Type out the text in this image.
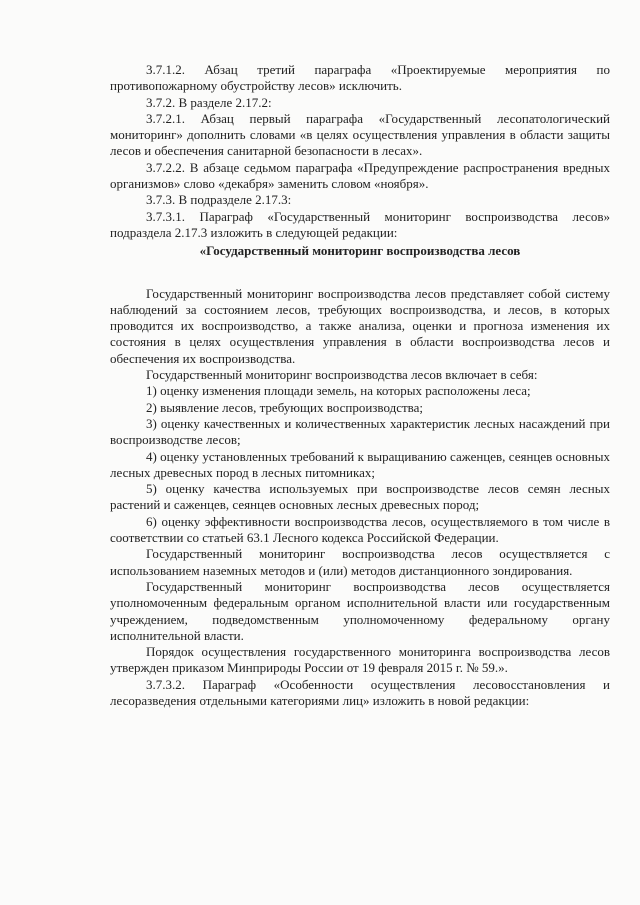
3.7.1.2. Абзац третий параграфа «Проектируемые мероприятия по противопожарному обустройству лесов» исключить.

3.7.2. В разделе 2.17.2:

3.7.2.1. Абзац первый параграфа «Государственный лесопатологический мониторинг» дополнить словами «в целях осуществления управления в области защиты лесов и обеспечения санитарной безопасности в лесах».

3.7.2.2. В абзаце седьмом параграфа «Предупреждение распространения вредных организмов» слово «декабря» заменить словом «ноября».

3.7.3. В подразделе 2.17.3:

3.7.3.1. Параграф «Государственный мониторинг воспроизводства лесов» подраздела 2.17.3 изложить в следующей редакции:

«Государственный мониторинг воспроизводства лесов

Государственный мониторинг воспроизводства лесов представляет собой систему наблюдений за состоянием лесов, требующих воспроизводства, и лесов, в которых проводится их воспроизводство, а также анализа, оценки и прогноза изменения их состояния в целях осуществления управления в области воспроизводства лесов и обеспечения их воспроизводства.

Государственный мониторинг воспроизводства лесов включает в себя:

1) оценку изменения площади земель, на которых расположены леса;

2) выявление лесов, требующих воспроизводства;

3) оценку качественных и количественных характеристик лесных насаждений при воспроизводстве лесов;

4) оценку установленных требований к выращиванию саженцев, сеянцев основных лесных древесных пород в лесных питомниках;

5) оценку качества используемых при воспроизводстве лесов семян лесных растений и саженцев, сеянцев основных лесных древесных пород;

6) оценку эффективности воспроизводства лесов, осуществляемого в том числе в соответствии со статьей 63.1 Лесного кодекса Российской Федерации.

Государственный мониторинг воспроизводства лесов осуществляется с использованием наземных методов и (или) методов дистанционного зондирования.

Государственный мониторинг воспроизводства лесов осуществляется уполномоченным федеральным органом исполнительной власти или государственным учреждением, подведомственным уполномоченному федеральному органу исполнительной власти.

Порядок осуществления государственного мониторинга воспроизводства лесов утвержден приказом Минприроды России от 19 февраля 2015 г. № 59.».

3.7.3.2. Параграф «Особенности осуществления лесовосстановления и лесоразведения отдельными категориями лиц» изложить в новой редакции:
